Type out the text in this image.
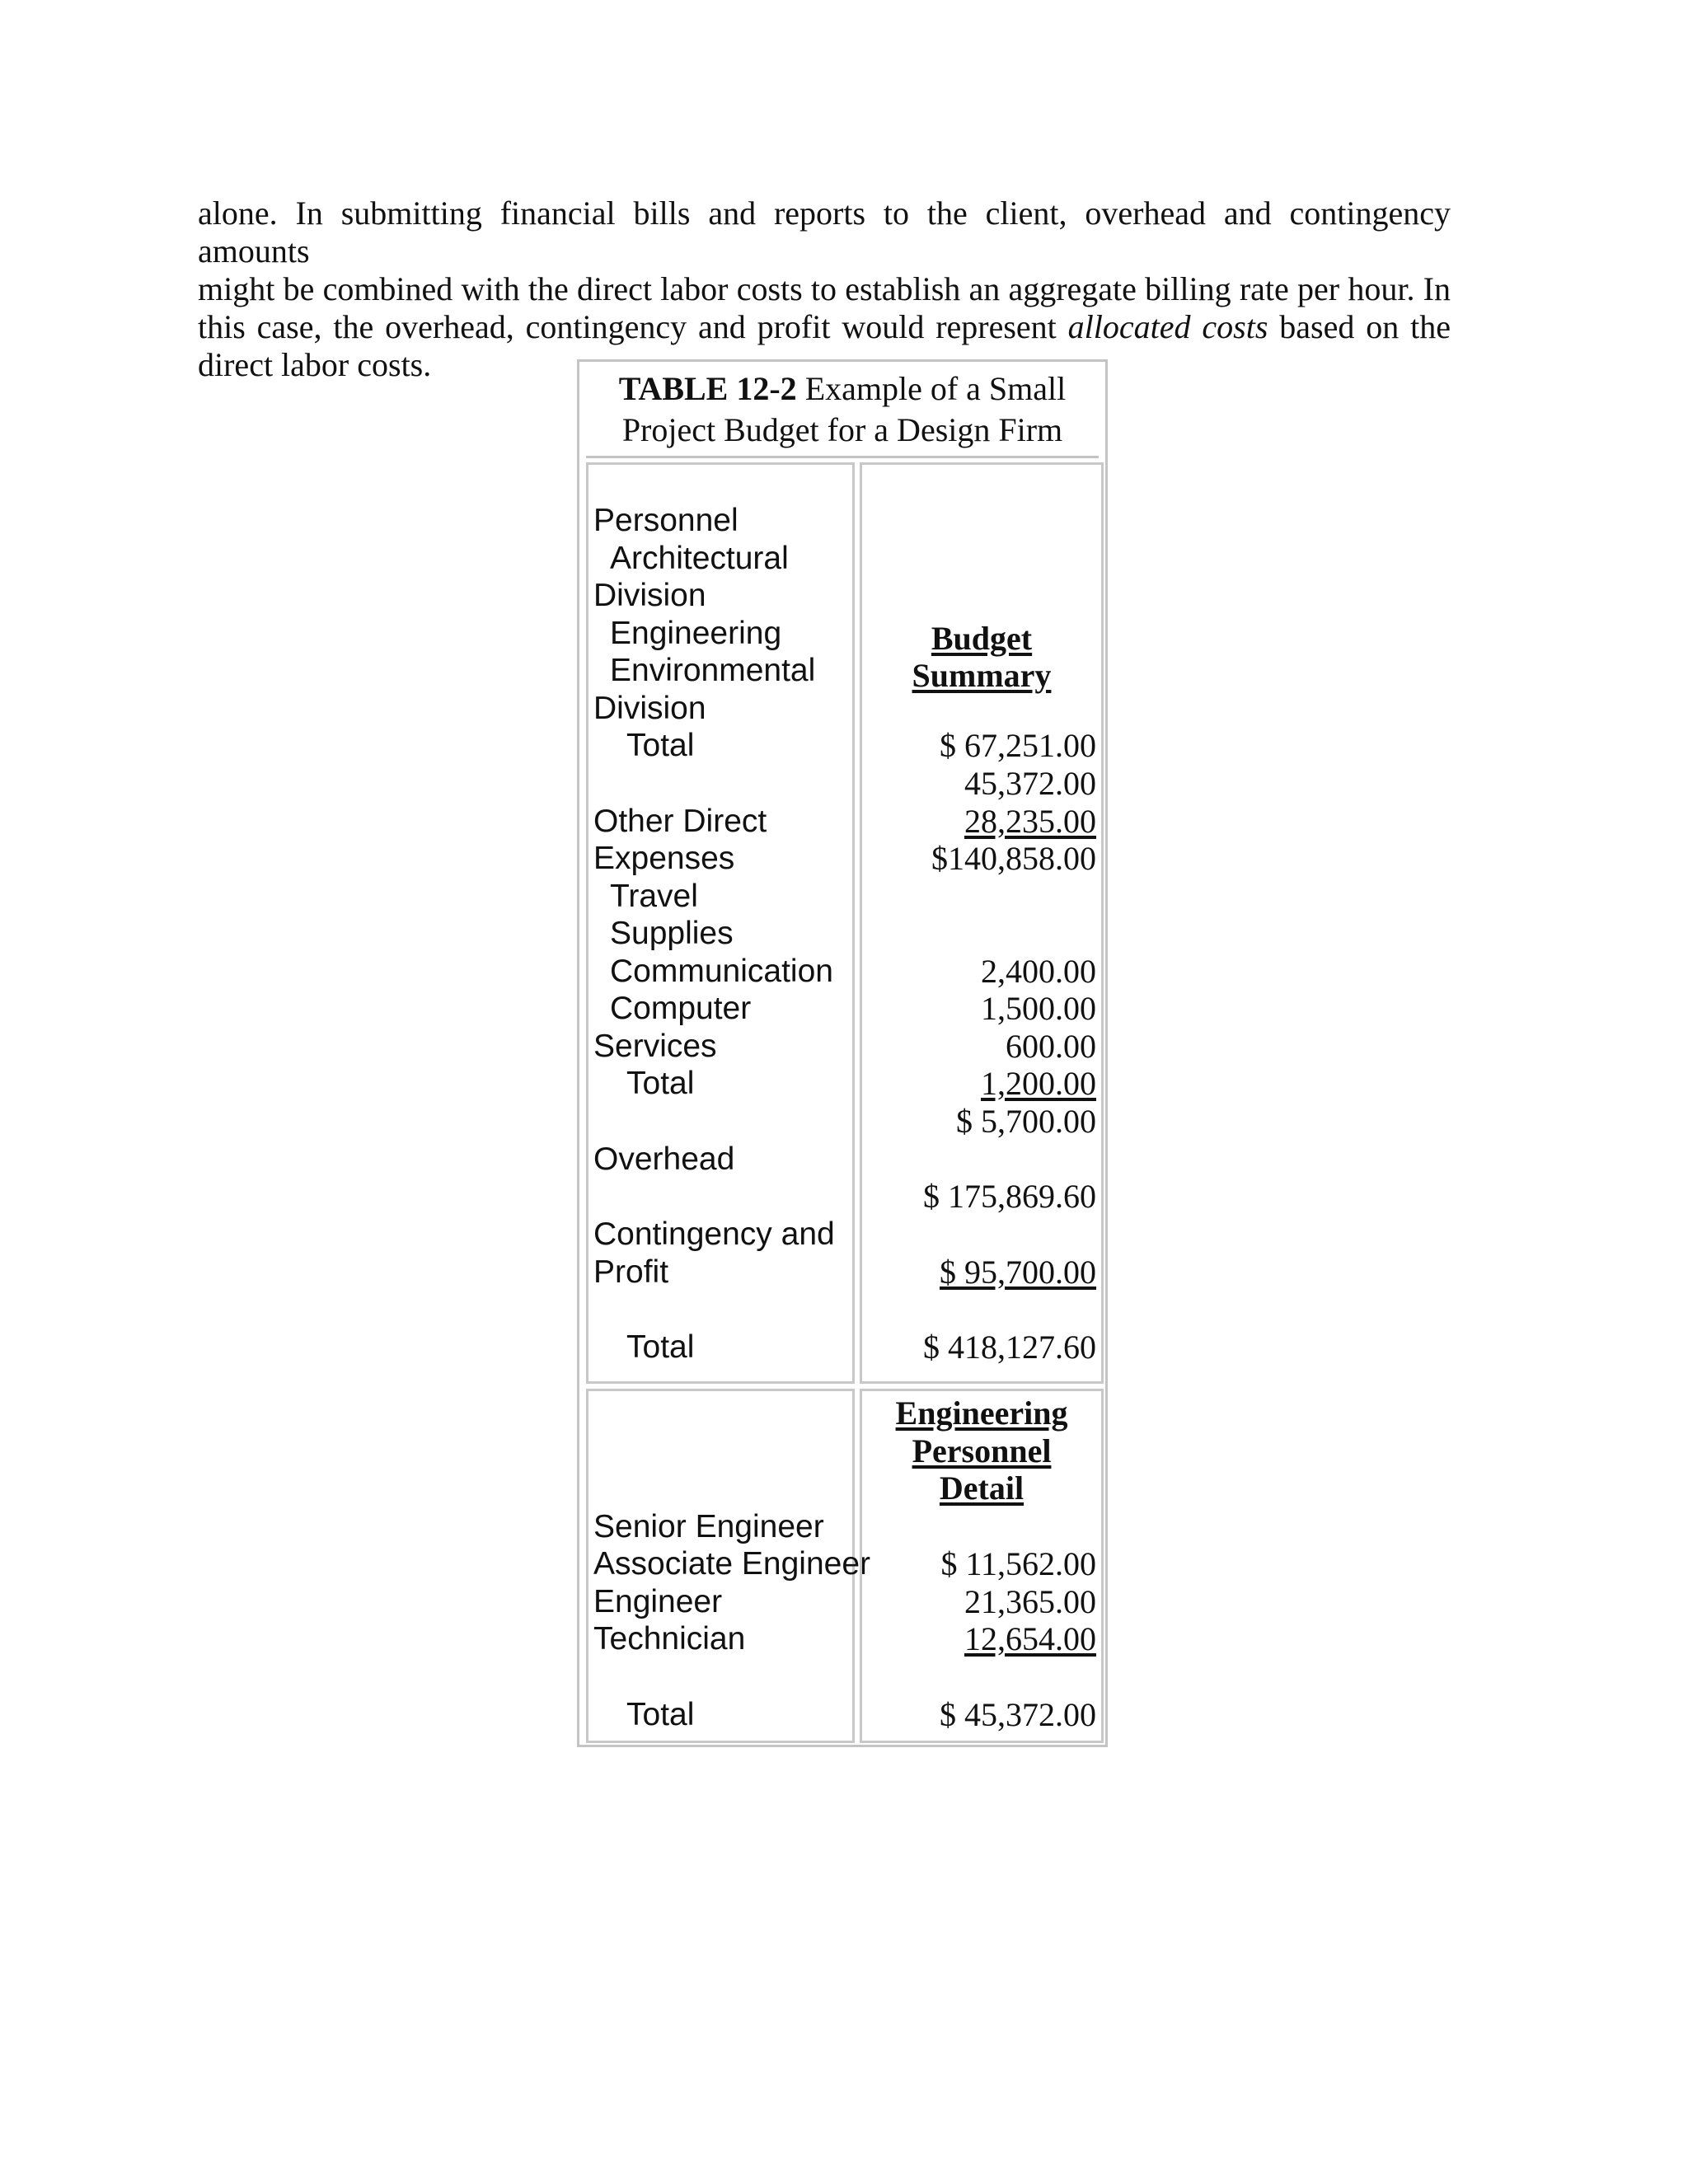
alone. In submitting financial bills and reports to the client, overhead and contingency amounts
might be combined with the direct labor costs to establish an aggregate billing rate per hour. In
this case, the overhead, contingency and profit would represent allocated costs based on the
direct labor costs.
TABLE 12-2 Example of a Small
Project Budget for a Design Firm
Personnel
Architectural
Division
Engineering
Environmental
Division
Total
Other Direct
Expenses
Travel
Supplies
Communication
Computer
Services
Total
Overhead
Contingency and
Profit
Total
Budget
Summary
$ 67,251.00
45,372.00
28,235.00
$140,858.00
2,400.00
1,500.00
600.00
1,200.00
$ 5,700.00
$ 175,869.60
$ 95,700.00
$ 418,127.60
Senior Engineer
Associate Engineer
Engineer
Technician
Total
Engineering
Personnel
Detail
$ 11,562.00
21,365.00
12,654.00
$ 45,372.00
